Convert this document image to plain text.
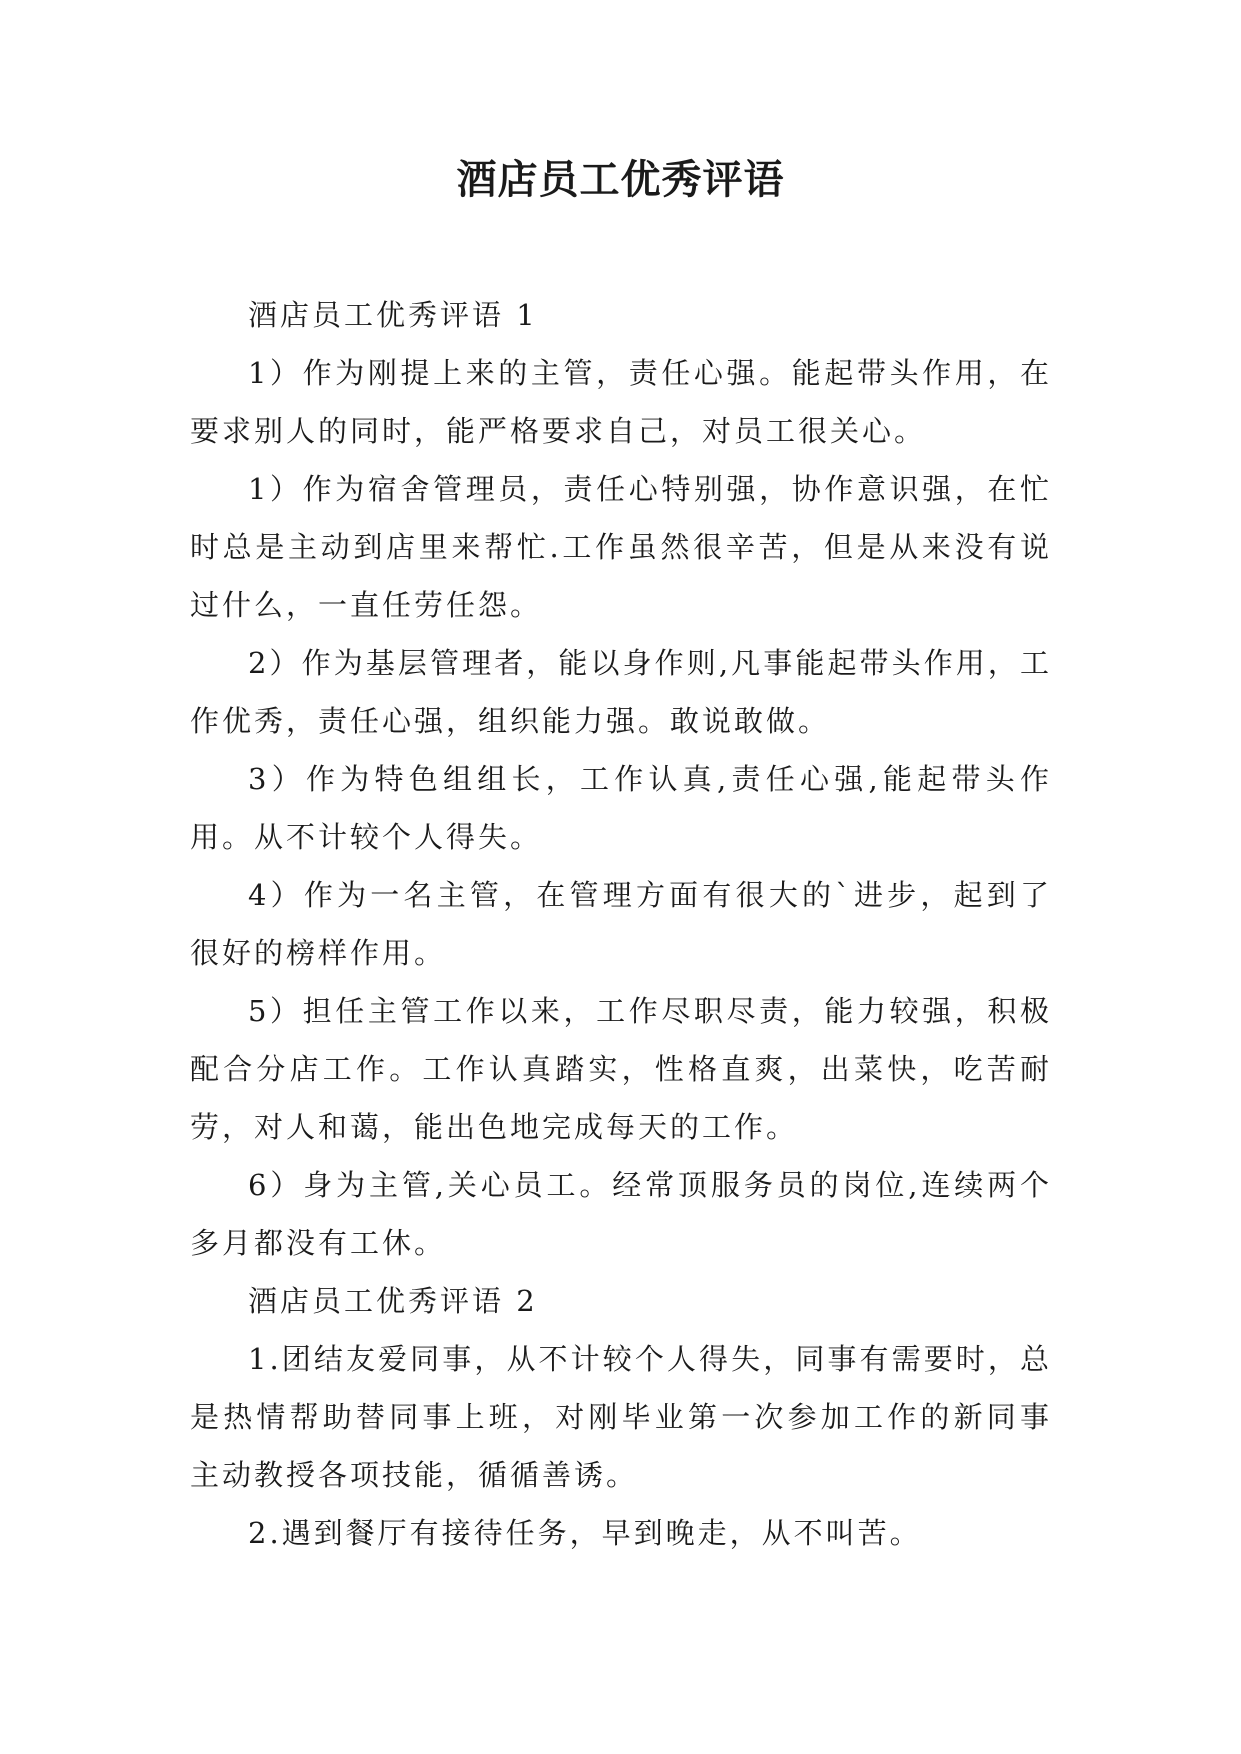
酒店员工优秀评语

酒店员工优秀评语 1

1）作为刚提上来的主管，责任心强。能起带头作用，在要求别人的同时，能严格要求自己，对员工很关心。

1）作为宿舍管理员，责任心特别强，协作意识强，在忙时总是主动到店里来帮忙.工作虽然很辛苦，但是从来没有说过什么，一直任劳任怨。

2）作为基层管理者，能以身作则,凡事能起带头作用，工作优秀，责任心强，组织能力强。敢说敢做。

3）作为特色组组长，工作认真,责任心强,能起带头作用。从不计较个人得失。

4）作为一名主管，在管理方面有很大的`进步，起到了很好的榜样作用。

5）担任主管工作以来，工作尽职尽责，能力较强，积极配合分店工作。工作认真踏实，性格直爽，出菜快，吃苦耐劳，对人和蔼，能出色地完成每天的工作。

6）身为主管,关心员工。经常顶服务员的岗位,连续两个多月都没有工休。

酒店员工优秀评语 2

1.团结友爱同事，从不计较个人得失，同事有需要时，总是热情帮助替同事上班，对刚毕业第一次参加工作的新同事主动教授各项技能，循循善诱。

2.遇到餐厅有接待任务，早到晚走，从不叫苦。
